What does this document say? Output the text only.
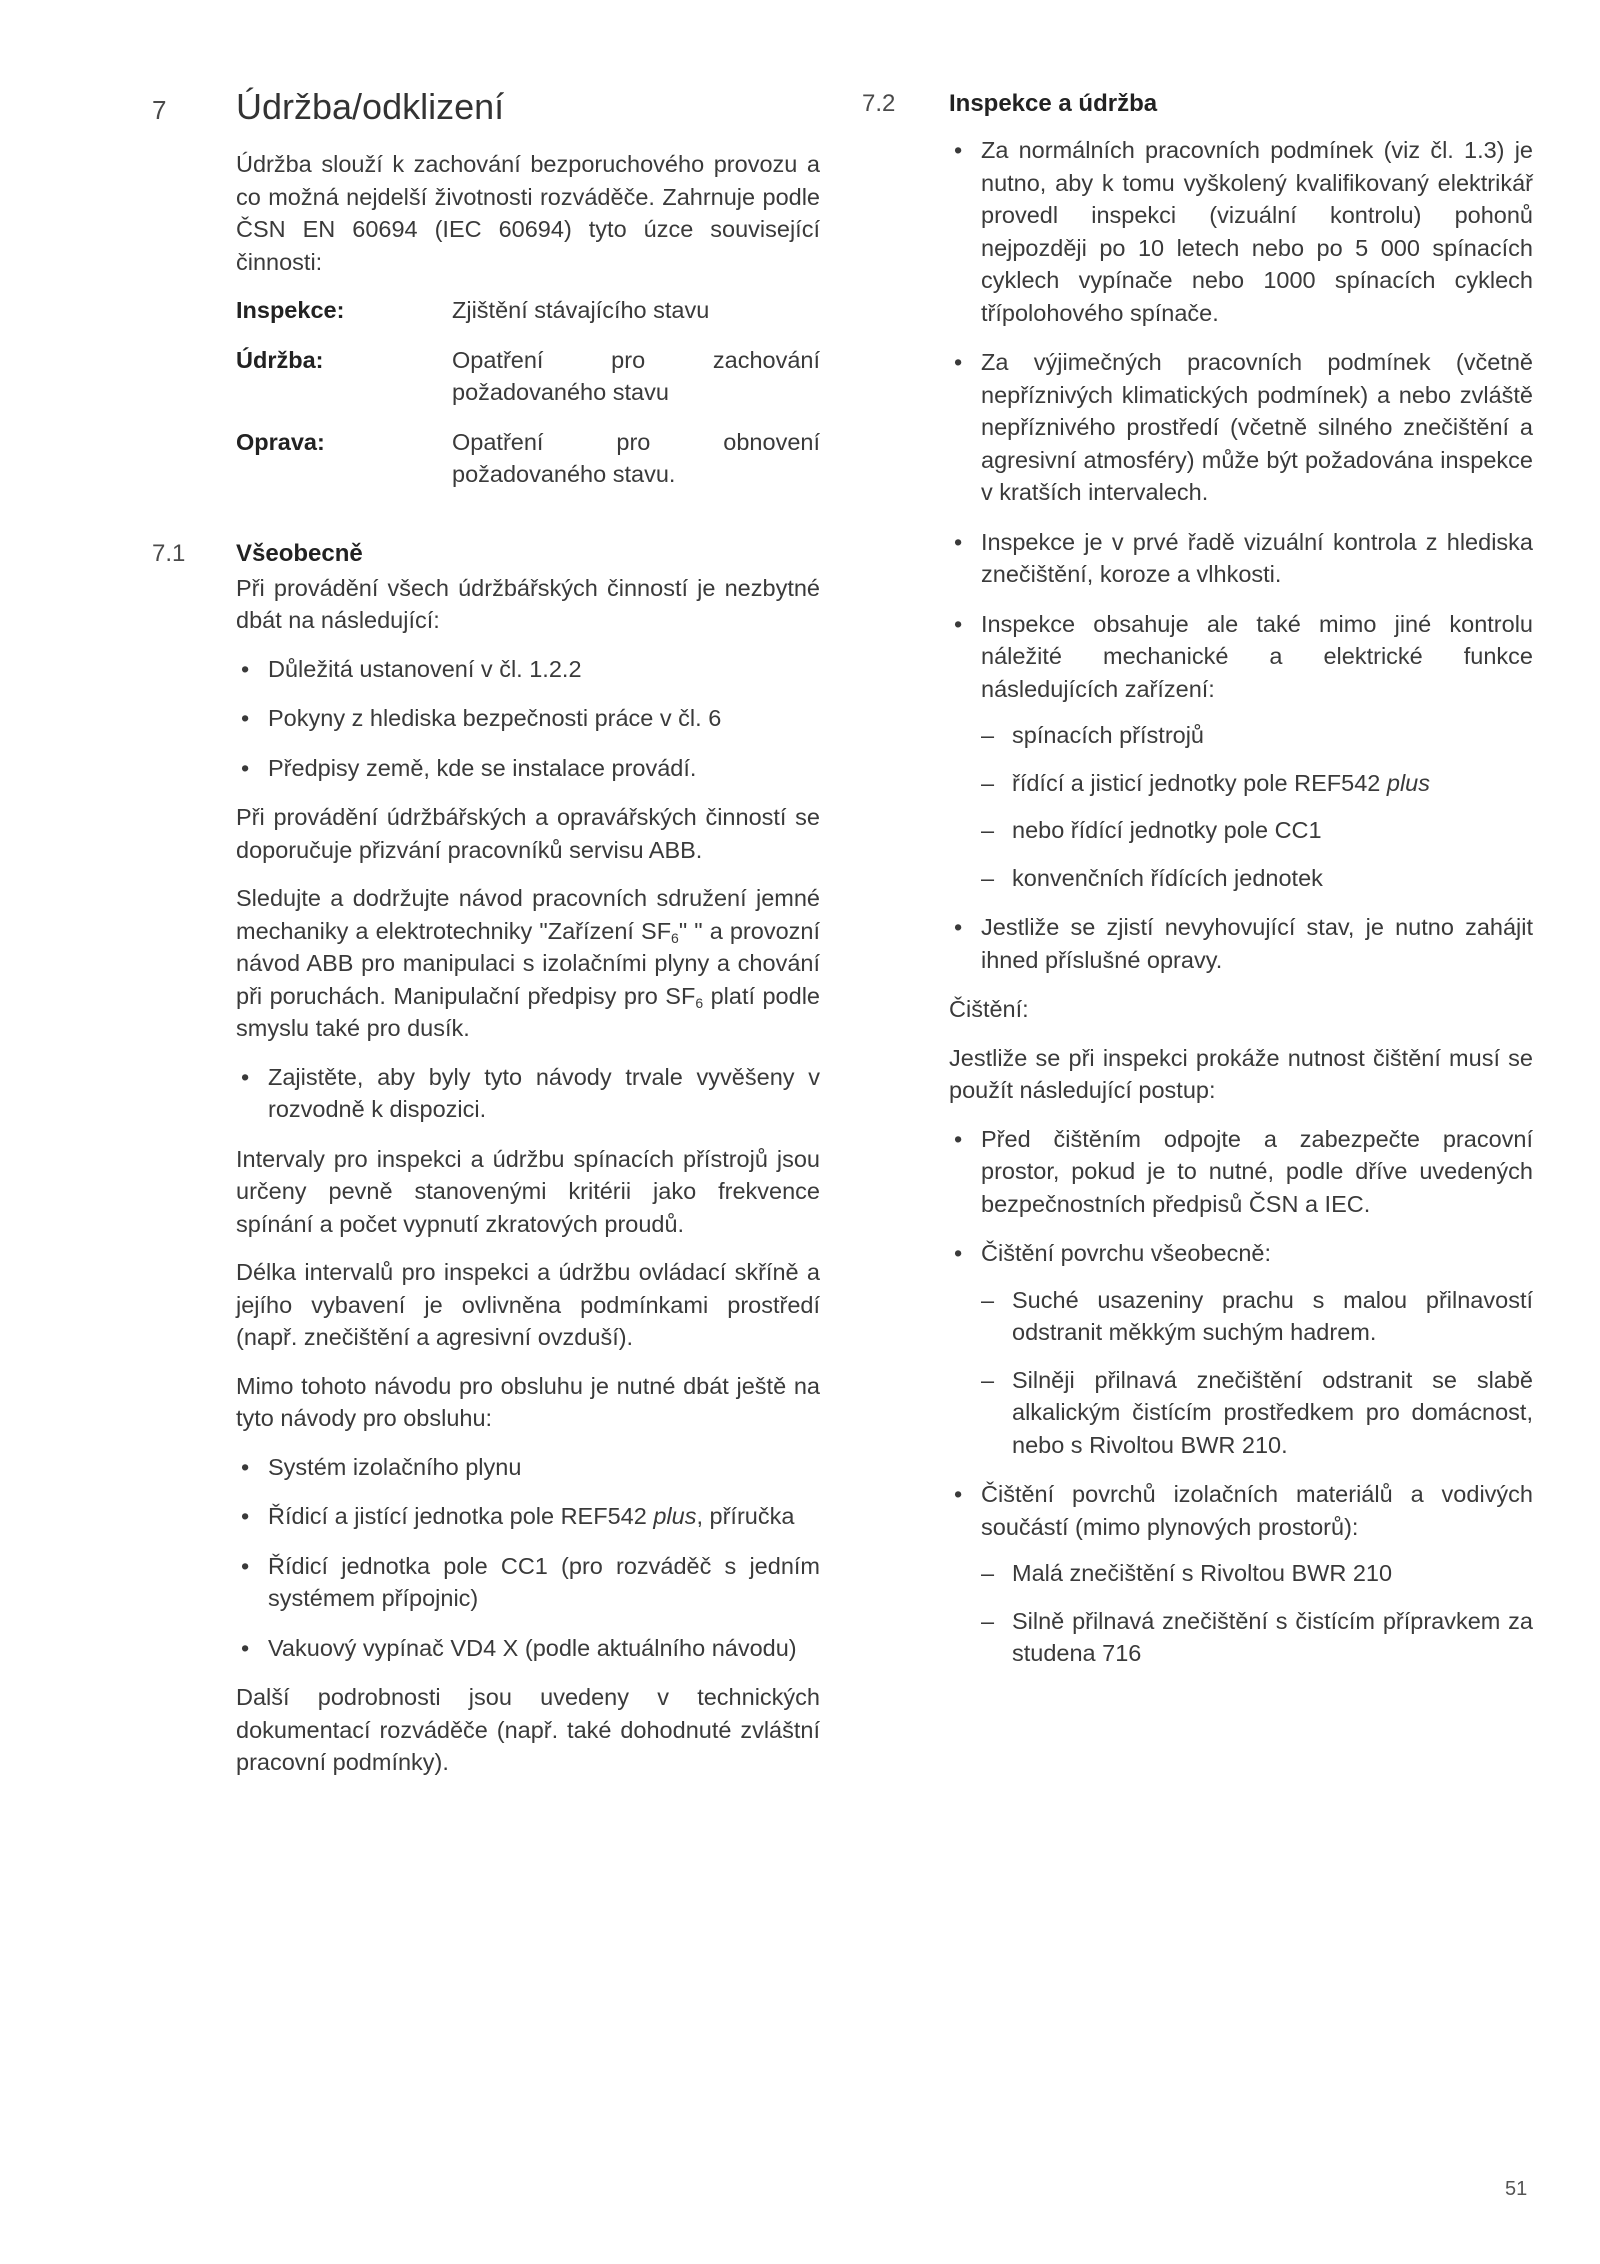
7 Údržba/odklizení
7.1 Všeobecně
7.2 Inspekce a údržba

Údržba slouží k zachování bezporuchového provozu a co možná nejdelší životnosti rozváděče. Zahrnuje podle ČSN EN 60694 (IEC 60694) tyto úzce související činnosti:

Inspekce:	Zjištění stávajícího stavu
Údržba:	Opatření pro zachování požadovaného stavu
Oprava:	Opatření pro obnovení požadovaného stavu.

Při provádění všech údržbářských činností je nezbytné dbát na následující:

• Důležitá ustanovení v čl. 1.2.2
• Pokyny z hlediska bezpečnosti práce v čl. 6
• Předpisy země, kde se instalace provádí.

Při provádění údržbářských a opravářských činností se doporučuje přizvání pracovníků servisu ABB.

Sledujte a dodržujte návod pracovních sdružení jemné mechaniky a elektrotechniky "Zařízení $SF_6$" " a provozní návod ABB pro manipulaci s izolačními plyny a chování při poruchách. Manipulační předpisy pro $SF_6$ platí podle smyslu také pro dusík.

• Zajistěte, aby byly tyto návody trvale vyvěšeny v rozvodně k dispozici.

Intervaly pro inspekci a údržbu spínacích přístrojů jsou určeny pevně stanovenými kritérii jako frekvence spínání a počet vypnutí zkratových proudů.

Délka intervalů pro inspekci a údržbu ovládací skříně a jejího vybavení je ovlivněna podmínkami prostředí (např. znečištění a agresivní ovzduší).

Mimo tohoto návodu pro obsluhu je nutné dbát ještě na tyto návody pro obsluhu:

• Systém izolačního plynu
• Řídicí a jistící jednotka pole REF542 plus, příručka
• Řídicí jednotka pole CC1 (pro rozváděč s jedním systémem přípojnic)
• Vakuový vypínač VD4 X (podle aktuálního návodu)

Další podrobnosti jsou uvedeny v technických dokumentací rozváděče (např. také dohodnuté zvláštní pracovní podmínky).

• Za normálních pracovních podmínek (viz čl. 1.3) je nutno, aby k tomu vyškolený kvalifikovaný elektrikář provedl inspekci (vizuální kontrolu) pohonů nejpozději po 10 letech nebo po 5 000 spínacích cyklech vypínače nebo 1000 spínacích cyklech třípolohového spínače.
• Za výjimečných pracovních podmínek (včetně nepříznivých klimatických podmínek) a nebo zvláště nepříznivého prostředí (včetně silného znečištění a agresivní atmosféry) může být požadována inspekce v kratších intervalech.
• Inspekce je v prvé řadě vizuální kontrola z hlediska znečištění, koroze a vlhkosti.
• Inspekce obsahuje ale také mimo jiné kontrolu náležité mechanické a elektrické funkce následujících zařízení:
– spínacích přístrojů
– řídící a jisticí jednotky pole REF542 plus
– nebo řídící jednotky pole CC1
– konvenčních řídících jednotek
• Jestliže se zjistí nevyhovující stav, je nutno zahájit ihned příslušné opravy.

Čištění:

Jestliže se při inspekci prokáže nutnost čištění musí se použít následující postup:

• Před čištěním odpojte a zabezpečte pracovní prostor, pokud je to nutné, podle dříve uvedených bezpečnostních předpisů ČSN a IEC.
• Čištění povrchu všeobecně:
– Suché usazeniny prachu s malou přilnavostí odstranit měkkým suchým hadrem.
– Silněji přilnavá znečištění odstranit se slabě alkalickým čistícím prostředkem pro domácnost, nebo s Rivoltou BWR 210.
• Čištění povrchů izolačních materiálů a vodivých součástí (mimo plynových prostorů):
– Malá znečištění s Rivoltou BWR 210
– Silně přilnavá znečištění s čistícím přípravkem za studena 716
51
